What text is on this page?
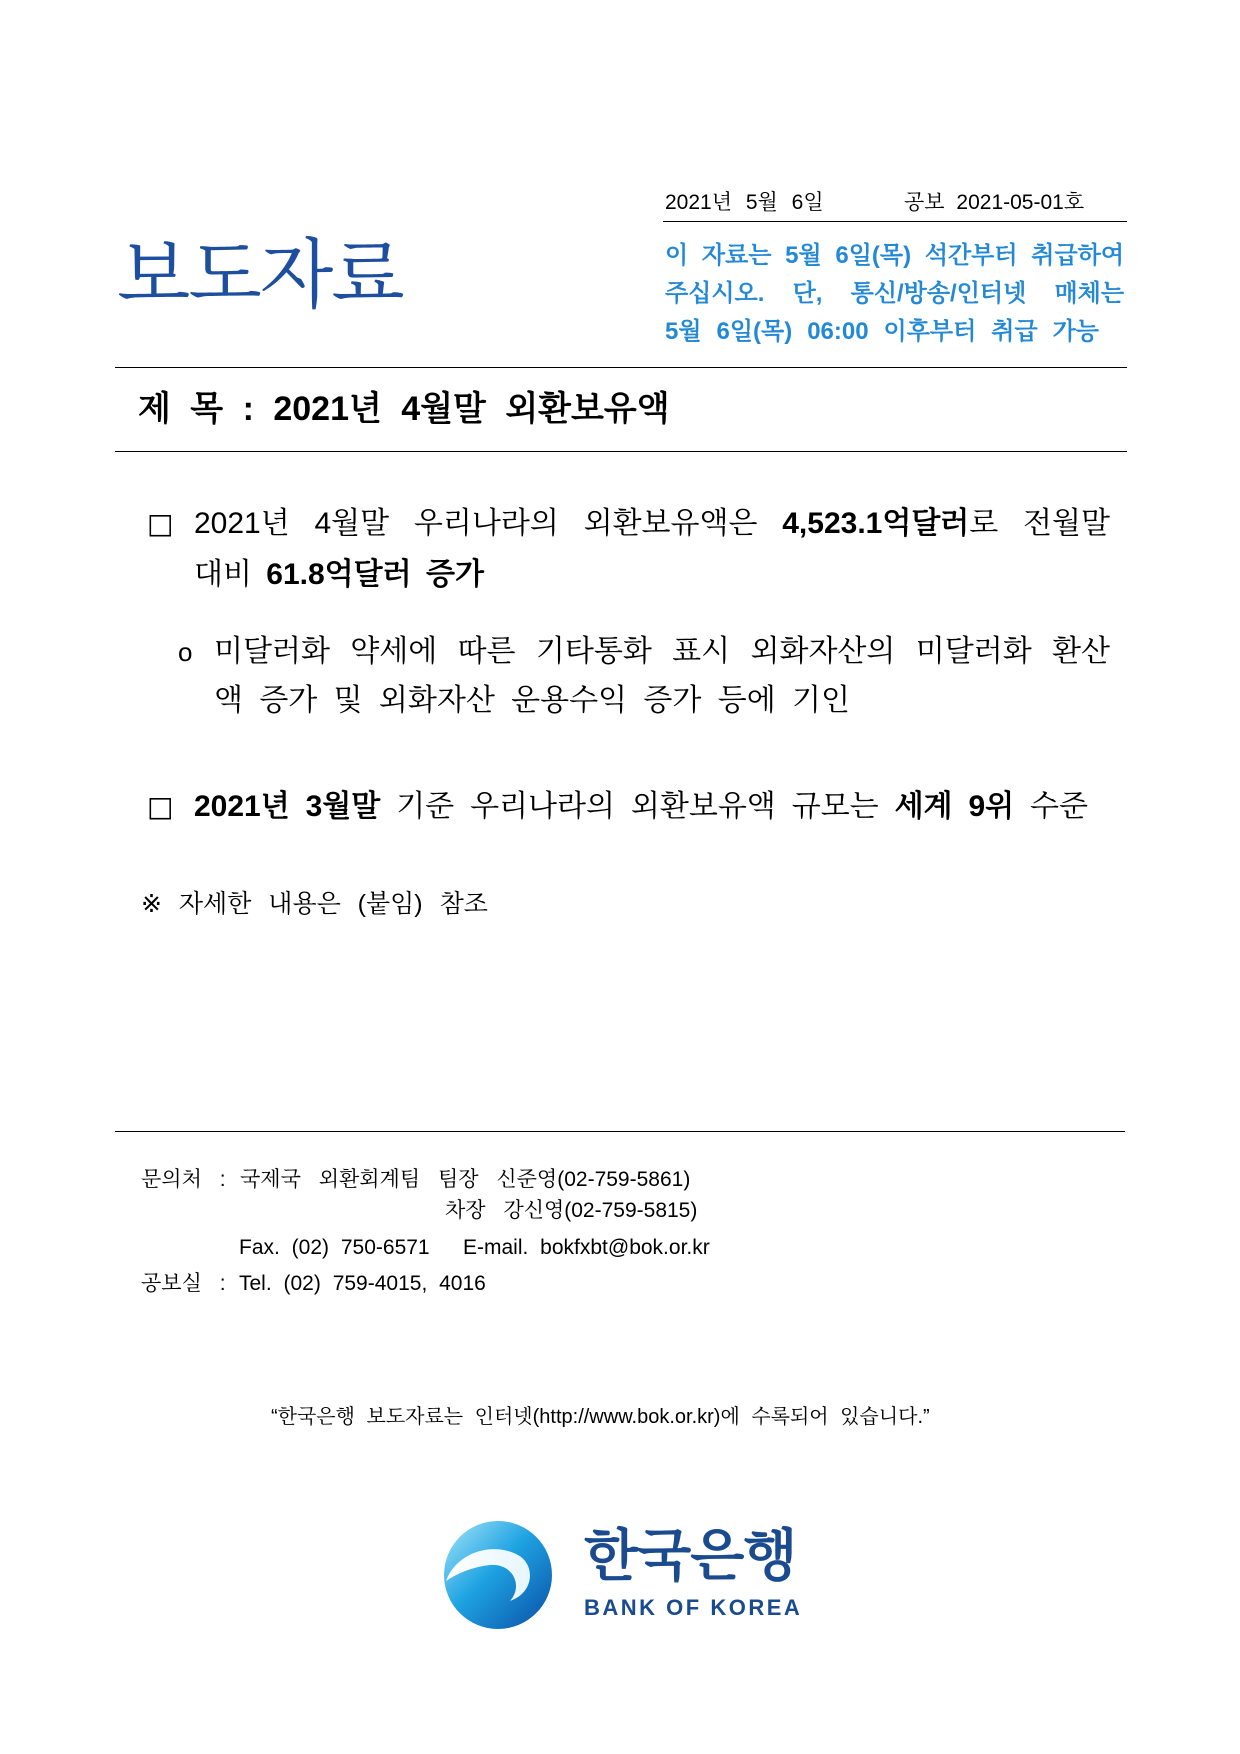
2021년 5월 6일	공보 2021-05-01호
보도자료	이 자료는 5월 6일(목) 석간부터 취급하여
주십시오. 단, 통신/방송/인터넷 매체는
5월 6일(목) 06:00 이후부터 취급 가능
제 목 : 2021년 4월말 외환보유액
□ 2021년 4월말 우리나라의 외환보유액은 4,523.1억달러로 전월말
대비 61.8억달러 증가
o 미달러화 약세에 따른 기타통화 표시 외화자산의 미달러화 환산
액 증가 및 외화자산 운용수익 증가 등에 기인
□ 2021년 3월말 기준 우리나라의 외환보유액 규모는 세계 9위 수준
※ 자세한 내용은 (붙임) 참조
문의처 : 국제국 외환회계팀 팀장 신준영(02-759-5861)
차장 강신영(02-759-5815)
Fax. (02) 750-6571 E-mail. bokfxbt@bok.or.kr
공보실 : Tel. (02) 759-4015, 4016
“한국은행 보도자료는 인터넷(http://www.bok.or.kr)에 수록되어 있습니다.”
한국은행
BANK OF KOREA
